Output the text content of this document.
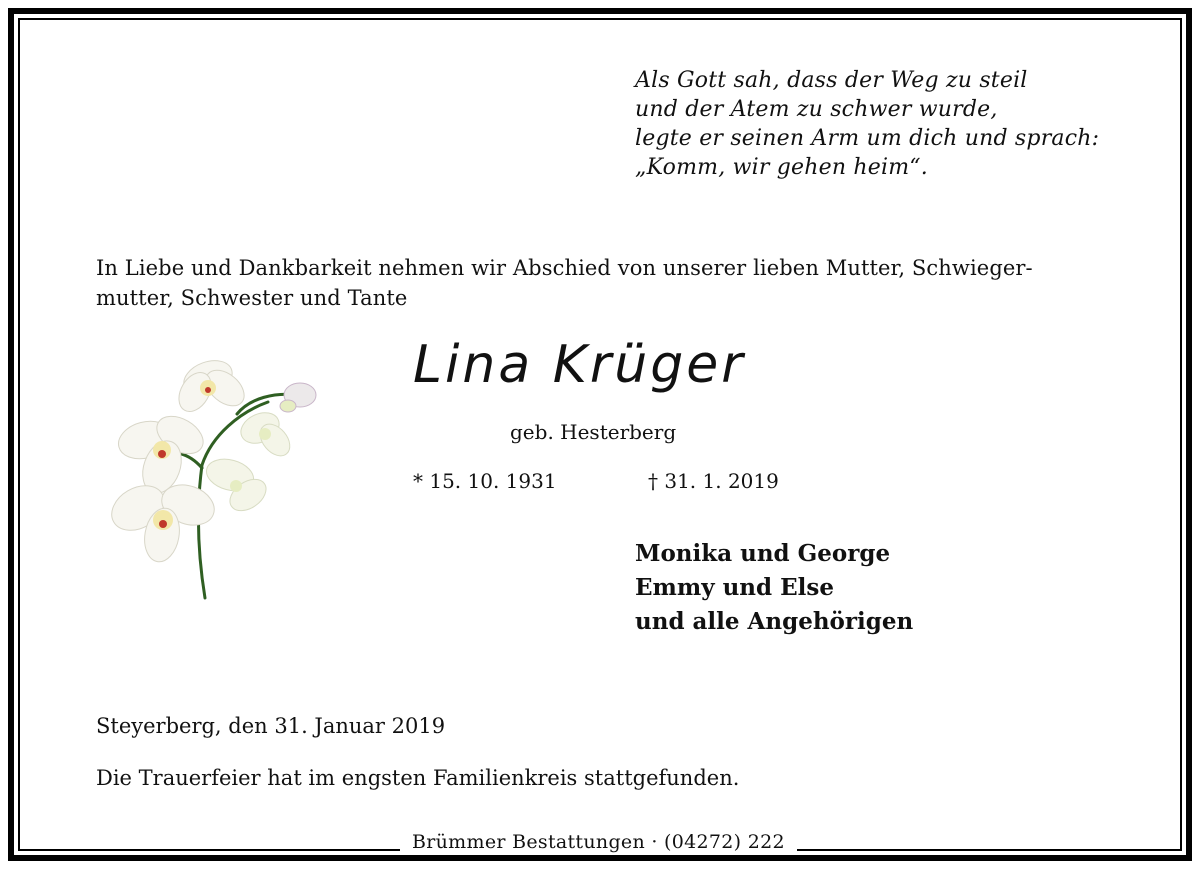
Als Gott sah, dass der Weg zu steil
und der Atem zu schwer wurde,
legte er seinen Arm um dich und sprach:
„Komm, wir gehen heim“.
In Liebe und Dankbarkeit nehmen wir Abschied von unserer lieben Mutter, Schwieger-
mutter, Schwester und Tante
Lina Krüger
geb. Hesterberg
* 15. 10. 1931	† 31. 1. 2019
Monika und George
Emmy und Else
und alle Angehörigen
Steyerberg, den 31. Januar 2019
Die Trauerfeier hat im engsten Familienkreis stattgefunden.
Brümmer Bestattungen · (04272) 222
